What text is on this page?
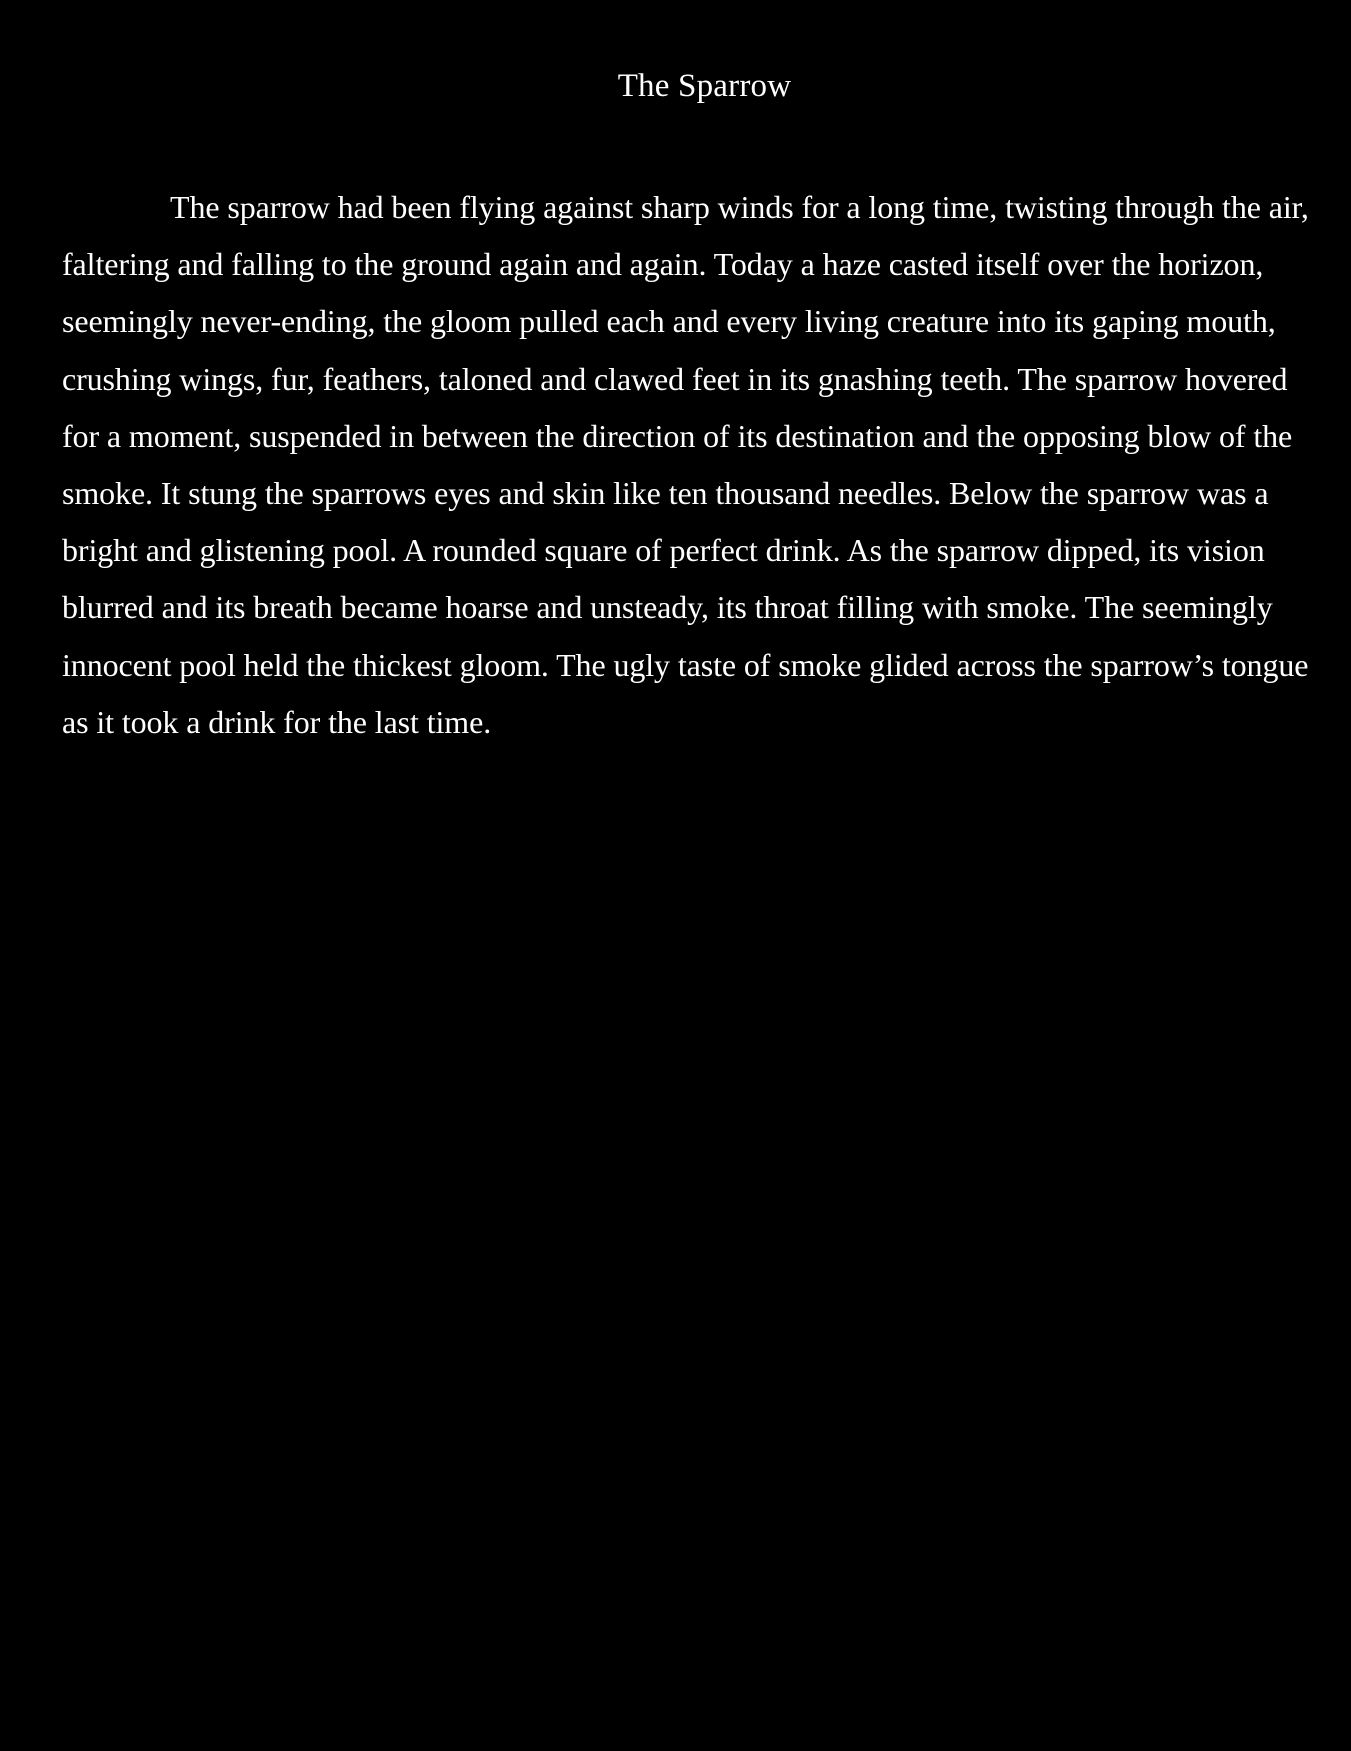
The Sparrow

The sparrow had been flying against sharp winds for a long time, twisting through the air, faltering and falling to the ground again and again. Today a haze casted itself over the horizon, seemingly never-ending, the gloom pulled each and every living creature into its gaping mouth, crushing wings, fur, feathers, taloned and clawed feet in its gnashing teeth. The sparrow hovered for a moment, suspended in between the direction of its destination and the opposing blow of the smoke. It stung the sparrows eyes and skin like ten thousand needles. Below the sparrow was a bright and glistening pool. A rounded square of perfect drink. As the sparrow dipped, its vision blurred and its breath became hoarse and unsteady, its throat filling with smoke. The seemingly innocent pool held the thickest gloom. The ugly taste of smoke glided across the sparrow’s tongue as it took a drink for the last time.
